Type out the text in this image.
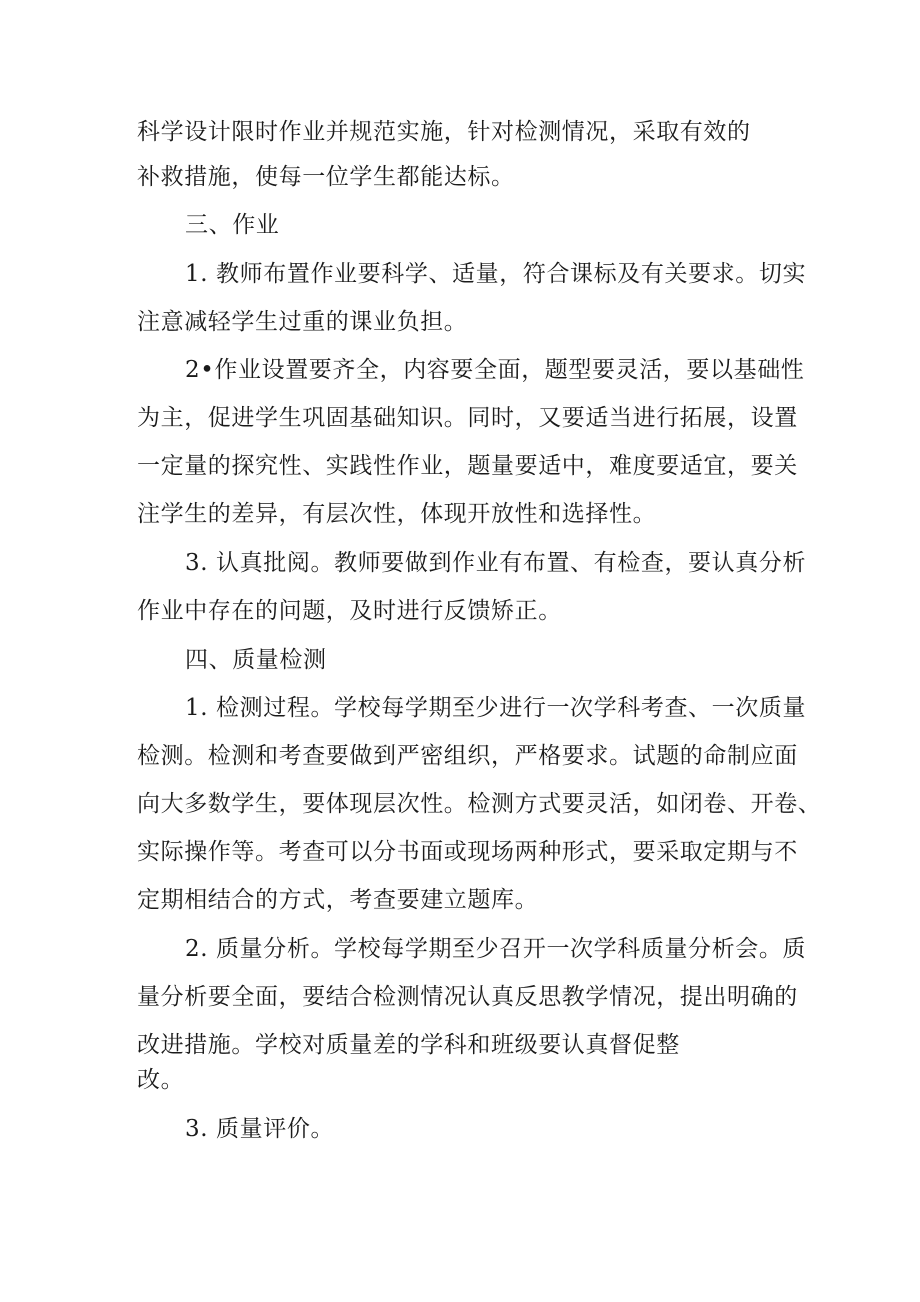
科学设计限时作业并规范实施，针对检测情况，采取有效的
补救措施，使每一位学生都能达标。
三、作业
1. 教师布置作业要科学、适量，符合课标及有关要求。切实
注意减轻学生过重的课业负担。
2•作业设置要齐全，内容要全面，题型要灵活，要以基础性
为主，促进学生巩固基础知识。同时，又要适当进行拓展，设置
一定量的探究性、实践性作业，题量要适中，难度要适宜，要关
注学生的差异，有层次性，体现开放性和选择性。
3. 认真批阅。教师要做到作业有布置、有检查，要认真分析
作业中存在的问题，及时进行反馈矫正。
四、质量检测
1. 检测过程。学校每学期至少进行一次学科考查、一次质量
检测。检测和考查要做到严密组织，严格要求。试题的命制应面
向大多数学生，要体现层次性。检测方式要灵活，如闭卷、开卷、
实际操作等。考查可以分书面或现场两种形式，要采取定期与不
定期相结合的方式，考查要建立题库。
2. 质量分析。学校每学期至少召开一次学科质量分析会。质
量分析要全面，要结合检测情况认真反思教学情况，提出明确的
改进措施。学校对质量差的学科和班级要认真督促整
改。
3. 质量评价。
